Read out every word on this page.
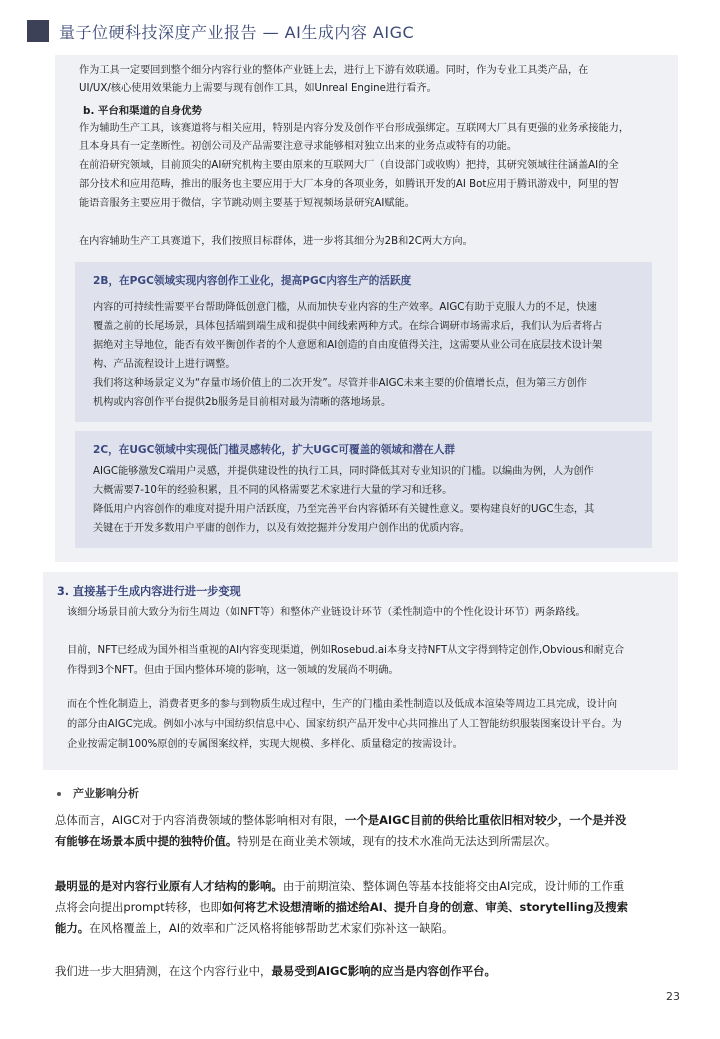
量子位硬科技深度产业报告 — AI生成内容 AIGC
作为工具一定要回到整个细分内容行业的整体产业链上去，进行上下游有效联通。同时，作为专业工具类产品，在
UI/UX/核心使用效果能力上需要与现有创作工具，如Unreal Engine进行看齐。
b. 平台和渠道的自身优势
作为辅助生产工具，该赛道将与相关应用，特别是内容分发及创作平台形成强绑定。互联网大厂具有更强的业务承接能力，
且本身具有一定垄断性。初创公司及产品需要注意寻求能够相对独立出来的业务点或特有的功能。
在前沿研究领域，目前顶尖的AI研究机构主要由原来的互联网大厂（自设部门或收购）把持，其研究领域往往涵盖AI的全
部分技术和应用范畴，推出的服务也主要应用于大厂本身的各项业务，如腾讯开发的AI Bot应用于腾讯游戏中，阿里的智
能语音服务主要应用于微信，字节跳动则主要基于短视频场景研究AI赋能。
在内容辅助生产工具赛道下，我们按照目标群体，进一步将其细分为2B和2C两大方向。
2B，在PGC领域实现内容创作工业化，提高PGC内容生产的活跃度
内容的可持续性需要平台帮助降低创意门槛，从而加快专业内容的生产效率。AIGC有助于克服人力的不足，快速
覆盖之前的长尾场景，具体包括端到端生成和提供中间线索两种方式。在综合调研市场需求后，我们认为后者将占
据绝对主导地位，能否有效平衡创作者的个人意愿和AI创造的自由度值得关注，这需要从业公司在底层技术设计架
构、产品流程设计上进行调整。
我们将这种场景定义为“存量市场价值上的二次开发”。尽管并非AIGC未来主要的价值增长点，但为第三方创作
机构或内容创作平台提供2b服务是目前相对最为清晰的落地场景。
2C，在UGC领域中实现低门槛灵感转化，扩大UGC可覆盖的领域和潜在人群
AIGC能够激发C端用户灵感，并提供建设性的执行工具，同时降低其对专业知识的门槛。以编曲为例，人为创作
大概需要7-10年的经验积累，且不同的风格需要艺术家进行大量的学习和迁移。
降低用户内容创作的难度对提升用户活跃度，乃至完善平台内容循环有关键性意义。要构建良好的UGC生态，其
关键在于开发多数用户平庸的创作力，以及有效挖掘并分发用户创作出的优质内容。
3. 直接基于生成内容进行进一步变现
该细分场景目前大致分为衍生周边（如NFT等）和整体产业链设计环节（柔性制造中的个性化设计环节）两条路线。
目前，NFT已经成为国外相当重视的AI内容变现渠道，例如Rosebud.ai本身支持NFT从文字得到特定创作,Obvious和耐克合
作得到3个NFT。但由于国内整体环境的影响，这一领域的发展尚不明确。
而在个性化制造上，消费者更多的参与到物质生成过程中，生产的门槛由柔性制造以及低成本渲染等周边工具完成，设计向
的部分由AIGC完成。例如小冰与中国纺织信息中心、国家纺织产品开发中心共同推出了人工智能纺织服装图案设计平台。为
企业按需定制100%原创的专属图案纹样，实现大规模、多样化、质量稳定的按需设计。
产业影响分析
总体而言，AIGC对于内容消费领域的整体影响相对有限，一个是AIGC目前的供给比重依旧相对较少，一个是并没
有能够在场景本质中提的独特价值。特别是在商业美术领域，现有的技术水准尚无法达到所需层次。
最明显的是对内容行业原有人才结构的影响。由于前期渲染、整体调色等基本技能将交由AI完成，设计师的工作重
点将会向提出prompt转移，也即如何将艺术设想清晰的描述给AI、提升自身的创意、审美、storytelling及搜索
能力。在风格覆盖上，AI的效率和广泛风格将能够帮助艺术家们弥补这一缺陷。
我们进一步大胆猜测，在这个内容行业中，最易受到AIGC影响的应当是内容创作平台。
23
